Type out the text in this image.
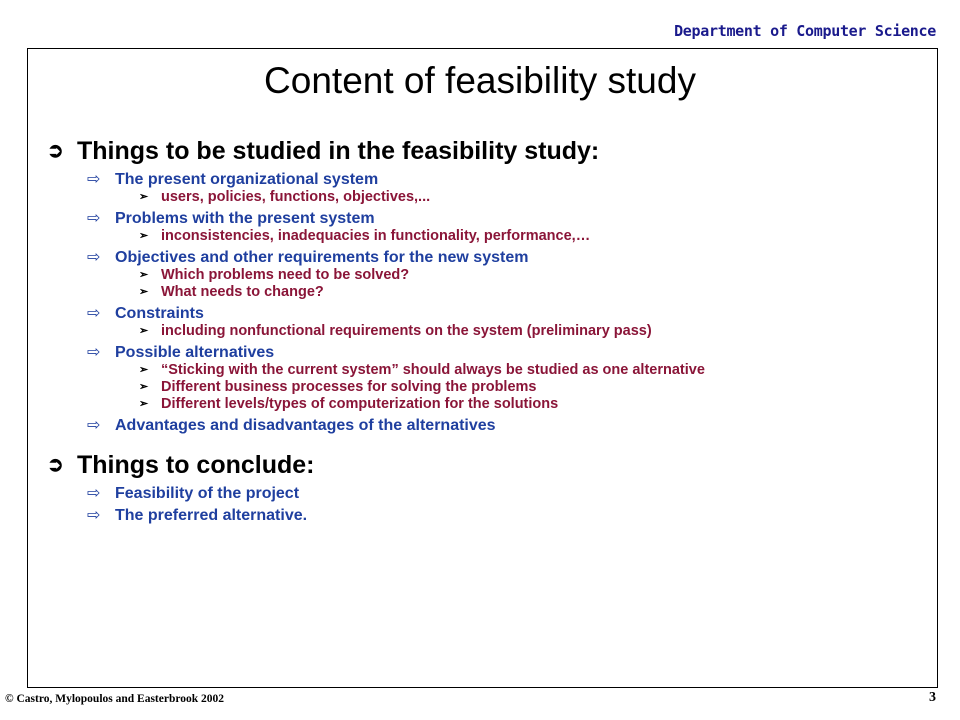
Department of Computer Science
Content of feasibility study
➲ Things to be studied in the feasibility study:
⇨ The present organizational system
➢ users, policies, functions, objectives,...
⇨ Problems with the present system
➢ inconsistencies, inadequacies in functionality, performance,…
⇨ Objectives and other requirements for the new system
➢ Which problems need to be solved?
➢ What needs to change?
⇨ Constraints
➢ including nonfunctional requirements on the system (preliminary pass)
⇨ Possible alternatives
➢ “Sticking with the current system” should always be studied as one alternative
➢ Different business processes for solving the problems
➢ Different levels/types of computerization for the solutions
⇨ Advantages and disadvantages of the alternatives
➲ Things to conclude:
⇨ Feasibility of the project
⇨ The preferred alternative.
© Castro, Mylopoulos and Easterbrook 2002	3
